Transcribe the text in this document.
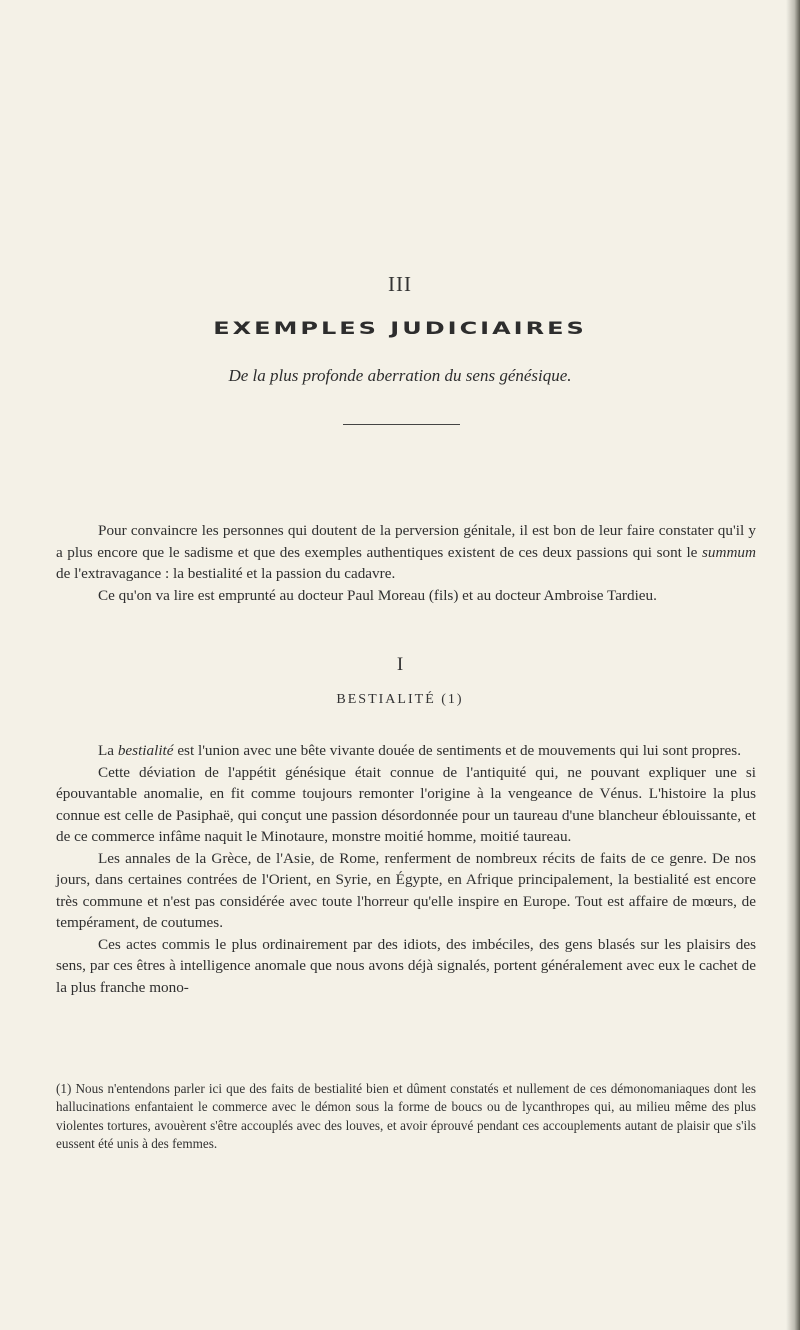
III
EXEMPLES JUDICIAIRES
De la plus profonde aberration du sens génésique.

Pour convaincre les personnes qui doutent de la perversion génitale, il est bon de leur faire constater qu'il y a plus encore que le sadisme et que des exemples authentiques existent de ces deux passions qui sont le summum de l'extravagance : la bestialité et la passion du cadavre.

Ce qu'on va lire est emprunté au docteur Paul Moreau (fils) et au docteur Ambroise Tardieu.

I
BESTIALITÉ (1)

La bestialité est l'union avec une bête vivante douée de sentiments et de mouvements qui lui sont propres.

Cette déviation de l'appétit génésique était connue de l'antiquité qui, ne pouvant expliquer une si épouvantable anomalie, en fit comme toujours remonter l'origine à la vengeance de Vénus. L'histoire la plus connue est celle de Pasiphaë, qui conçut une passion désordonnée pour un taureau d'une blancheur éblouissante, et de ce commerce infâme naquit le Minotaure, monstre moitié homme, moitié taureau.

Les annales de la Grèce, de l'Asie, de Rome, renferment de nombreux récits de faits de ce genre. De nos jours, dans certaines contrées de l'Orient, en Syrie, en Égypte, en Afrique principalement, la bestialité est encore très commune et n'est pas considérée avec toute l'horreur qu'elle inspire en Europe. Tout est affaire de mœurs, de tempérament, de coutumes.

Ces actes commis le plus ordinairement par des idiots, des imbéciles, des gens blasés sur les plaisirs des sens, par ces êtres à intelligence anomale que nous avons déjà signalés, portent généralement avec eux le cachet de la plus franche mono-

(1) Nous n'entendons parler ici que des faits de bestialité bien et dûment constatés et nullement de ces démonomaniaques dont les hallucinations enfantaient le commerce avec le démon sous la forme de boucs ou de lycanthropes qui, au milieu même des plus violentes tortures, avouèrent s'être accouplés avec des louves, et avoir éprouvé pendant ces accouplements autant de plaisir que s'ils eussent été unis à des femmes.
